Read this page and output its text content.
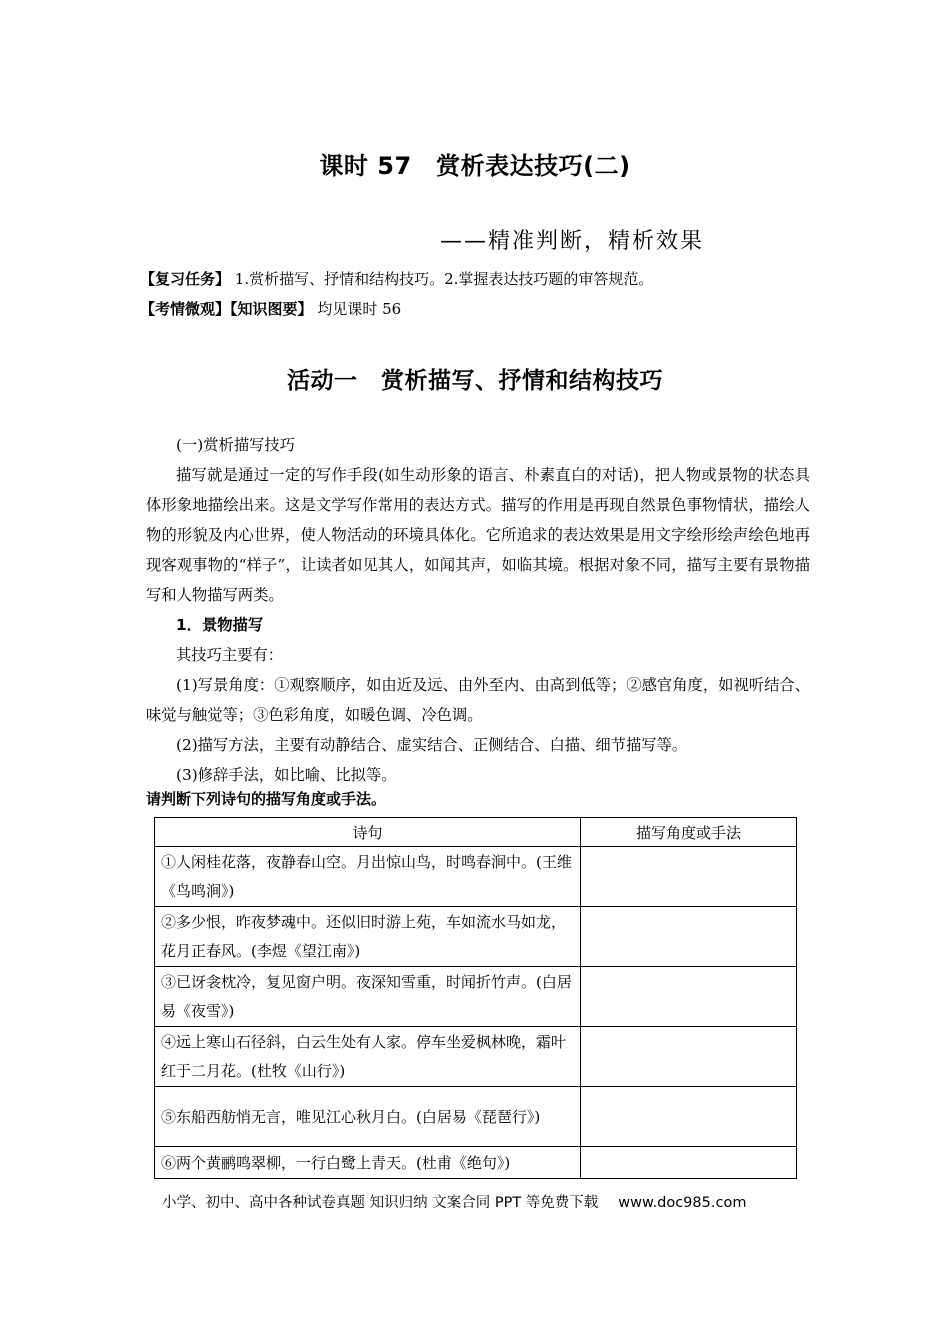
课时 57　赏析表达技巧(二)
——精准判断，精析效果
【复习任务】 1.赏析描写、抒情和结构技巧。2.掌握表达技巧题的审答规范。
【考情微观】【知识图要】 均见课时 56
活动一　赏析描写、抒情和结构技巧

(一)赏析描写技巧

描写就是通过一定的写作手段(如生动形象的语言、朴素直白的对话)，把人物或景物的状态具体形象地描绘出来。这是文学写作常用的表达方式。描写的作用是再现自然景色事物情状，描绘人物的形貌及内心世界，使人物活动的环境具体化。它所追求的表达效果是用文字绘形绘声绘色地再现客观事物的“样子”，让读者如见其人，如闻其声，如临其境。根据对象不同，描写主要有景物描写和人物描写两类。

1．景物描写

其技巧主要有：

(1)写景角度：①观察顺序，如由近及远、由外至内、由高到低等；②感官角度，如视听结合、味觉与触觉等；③色彩角度，如暖色调、冷色调。

(2)描写方法，主要有动静结合、虚实结合、正侧结合、白描、细节描写等。

(3)修辞手法，如比喻、比拟等。

请判断下列诗句的描写角度或手法。
诗句	描写角度或手法
①人闲桂花落，夜静春山空。月出惊山鸟，时鸣春涧中。(王维《鸟鸣涧》)	
②多少恨，昨夜梦魂中。还似旧时游上苑，车如流水马如龙，花月正春风。(李煜《望江南》)	
③已讶衾枕冷，复见窗户明。夜深知雪重，时闻折竹声。(白居易《夜雪》)	
④远上寒山石径斜，白云生处有人家。停车坐爱枫林晚，霜叶红于二月花。(杜牧《山行》)	
⑤东船西舫悄无言，唯见江心秋月白。(白居易《琵琶行》)	
⑥两个黄鹂鸣翠柳，一行白鹭上青天。(杜甫《绝句》)	
小学、初中、高中各种试卷真题 知识归纳 文案合同 PPT 等免费下载 www.doc985.com
